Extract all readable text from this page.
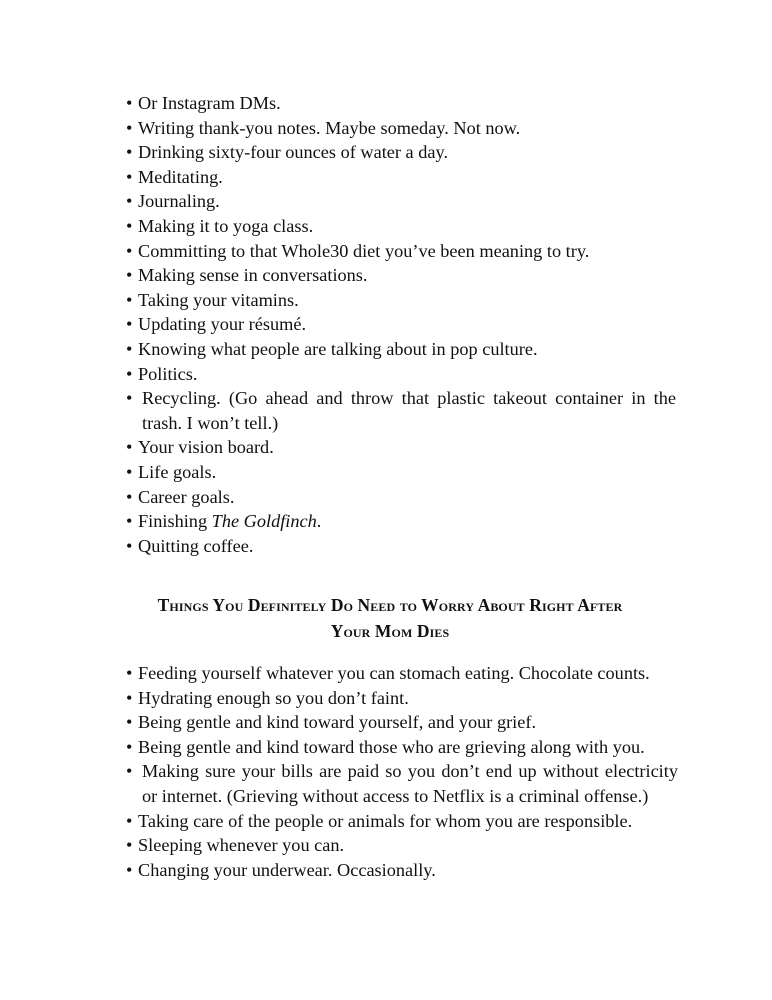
• Or Instagram DMs.
• Writing thank-you notes. Maybe someday. Not now.
• Drinking sixty-four ounces of water a day.
• Meditating.
• Journaling.
• Making it to yoga class.
• Committing to that Whole30 diet you’ve been meaning to try.
• Making sense in conversations.
• Taking your vitamins.
• Updating your résumé.
• Knowing what people are talking about in pop culture.
• Politics.
• Recycling. (Go ahead and throw that plastic takeout container in the trash. I won’t tell.)
• Your vision board.
• Life goals.
• Career goals.
• Finishing The Goldfinch.
• Quitting coffee.
Things You Definitely Do Need to Worry About Right After
Your Mom Dies
• Feeding yourself whatever you can stomach eating. Chocolate counts.
• Hydrating enough so you don’t faint.
• Being gentle and kind toward yourself, and your grief.
• Being gentle and kind toward those who are grieving along with you.
• Making sure your bills are paid so you don’t end up without electricity or internet. (Grieving without access to Netflix is a criminal offense.)
• Taking care of the people or animals for whom you are responsible.
• Sleeping whenever you can.
• Changing your underwear. Occasionally.
